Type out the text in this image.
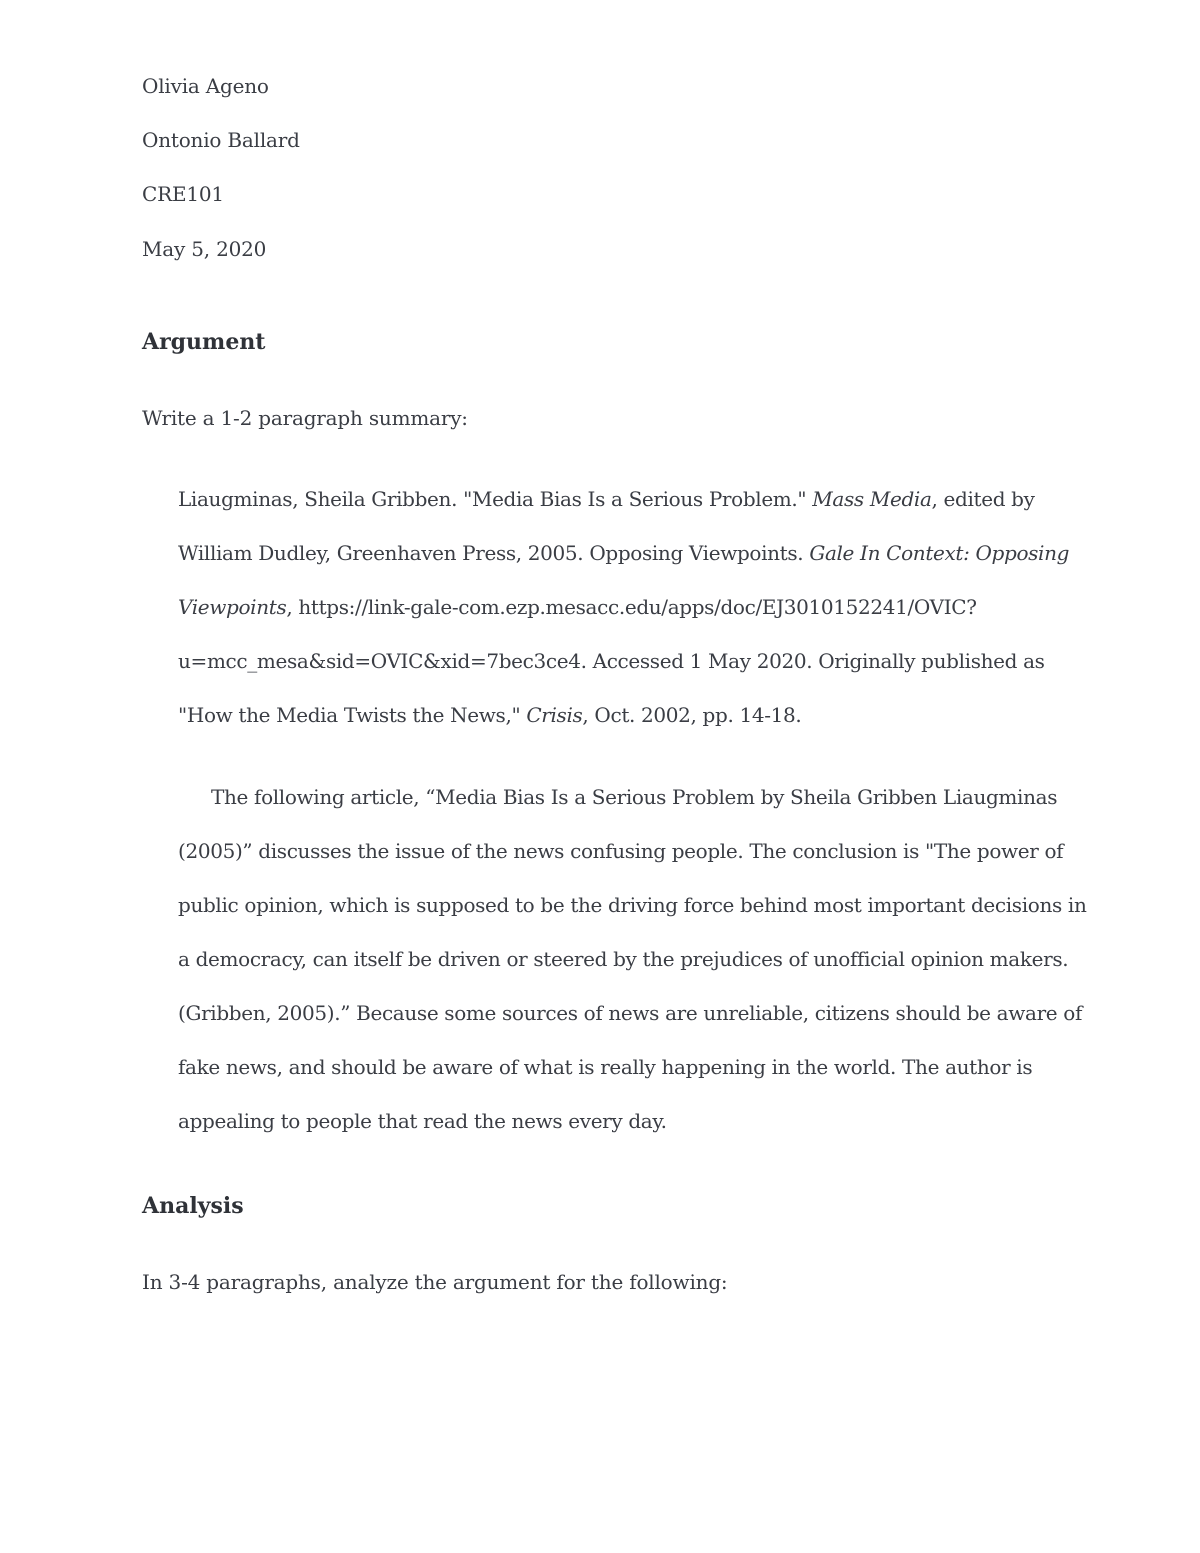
Olivia Ageno
Ontonio Ballard
CRE101
May 5, 2020
Argument
Write a 1-2 paragraph summary:
Liaugminas, Sheila Gribben. "Media Bias Is a Serious Problem." Mass Media, edited by
William Dudley, Greenhaven Press, 2005. Opposing Viewpoints. Gale In Context: Opposing
Viewpoints, https://link-gale-com.ezp.mesacc.edu/apps/doc/EJ3010152241/OVIC?
u=mcc_mesa&sid=OVIC&xid=7bec3ce4. Accessed 1 May 2020. Originally published as
"How the Media Twists the News," Crisis, Oct. 2002, pp. 14-18.
The following article, “Media Bias Is a Serious Problem by Sheila Gribben Liaugminas
(2005)” discusses the issue of the news confusing people. The conclusion is "The power of
public opinion, which is supposed to be the driving force behind most important decisions in
a democracy, can itself be driven or steered by the prejudices of unofficial opinion makers.
(Gribben, 2005).” Because some sources of news are unreliable, citizens should be aware of
fake news, and should be aware of what is really happening in the world. The author is
appealing to people that read the news every day.
Analysis
In 3-4 paragraphs, analyze the argument for the following:
